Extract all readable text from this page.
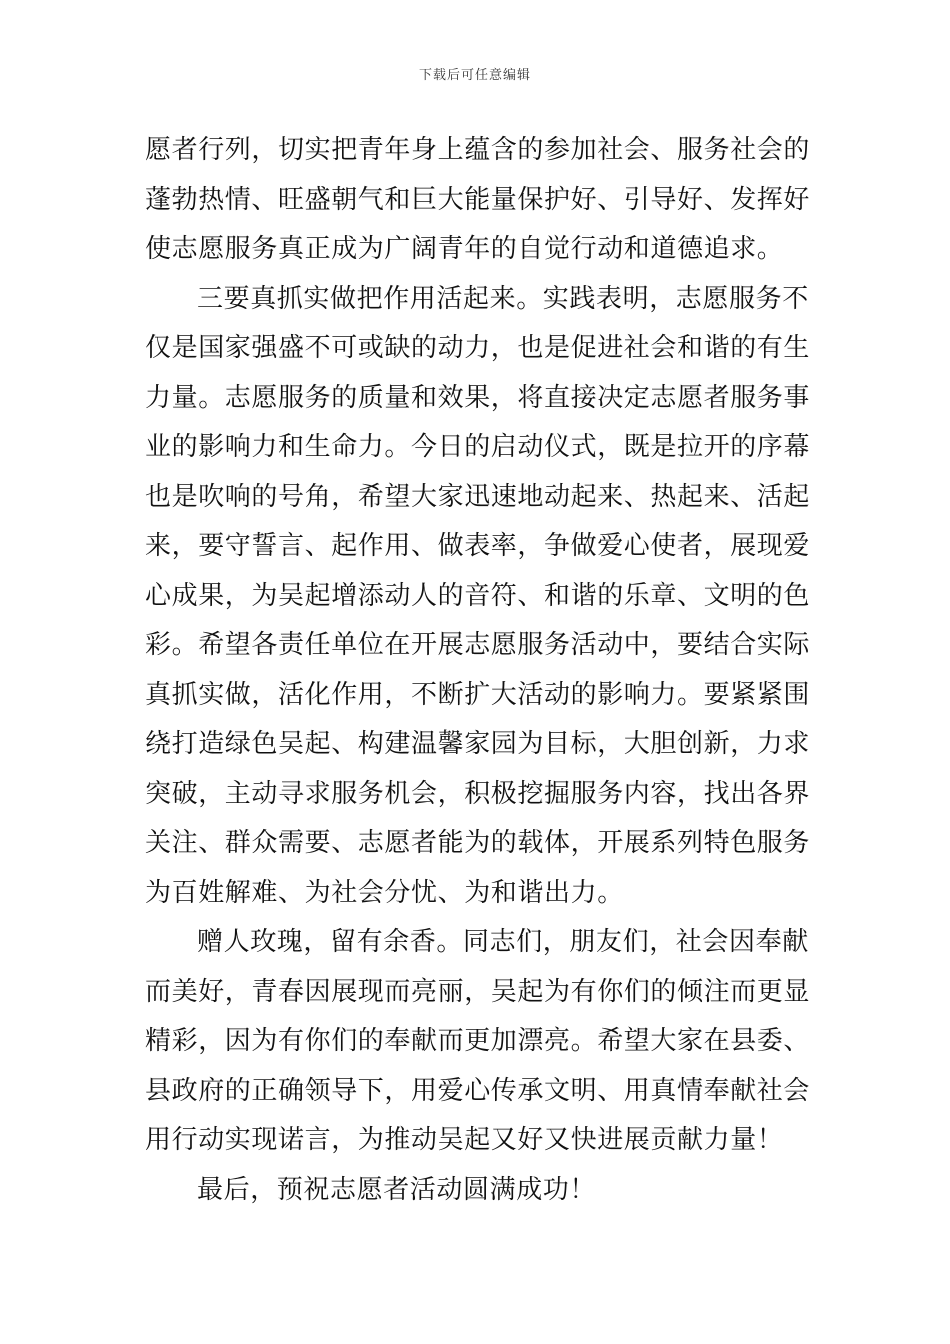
下载后可任意编辑
愿者行列，切实把青年身上蕴含的参加社会、服务社会的
蓬勃热情、旺盛朝气和巨大能量保护好、引导好、发挥好
使志愿服务真正成为广阔青年的自觉行动和道德追求。
三要真抓实做把作用活起来。实践表明，志愿服务不
仅是国家强盛不可或缺的动力，也是促进社会和谐的有生
力量。志愿服务的质量和效果，将直接决定志愿者服务事
业的影响力和生命力。今日的启动仪式，既是拉开的序幕
也是吹响的号角，希望大家迅速地动起来、热起来、活起
来，要守誓言、起作用、做表率，争做爱心使者，展现爱
心成果，为吴起增添动人的音符、和谐的乐章、文明的色
彩。希望各责任单位在开展志愿服务活动中，要结合实际
真抓实做，活化作用，不断扩大活动的影响力。要紧紧围
绕打造绿色吴起、构建温馨家园为目标，大胆创新，力求
突破，主动寻求服务机会，积极挖掘服务内容，找出各界
关注、群众需要、志愿者能为的载体，开展系列特色服务
为百姓解难、为社会分忧、为和谐出力。
赠人玫瑰，留有余香。同志们，朋友们，社会因奉献
而美好，青春因展现而亮丽，吴起为有你们的倾注而更显
精彩，因为有你们的奉献而更加漂亮。希望大家在县委、
县政府的正确领导下，用爱心传承文明、用真情奉献社会
用行动实现诺言，为推动吴起又好又快进展贡献力量！
最后，预祝志愿者活动圆满成功！
